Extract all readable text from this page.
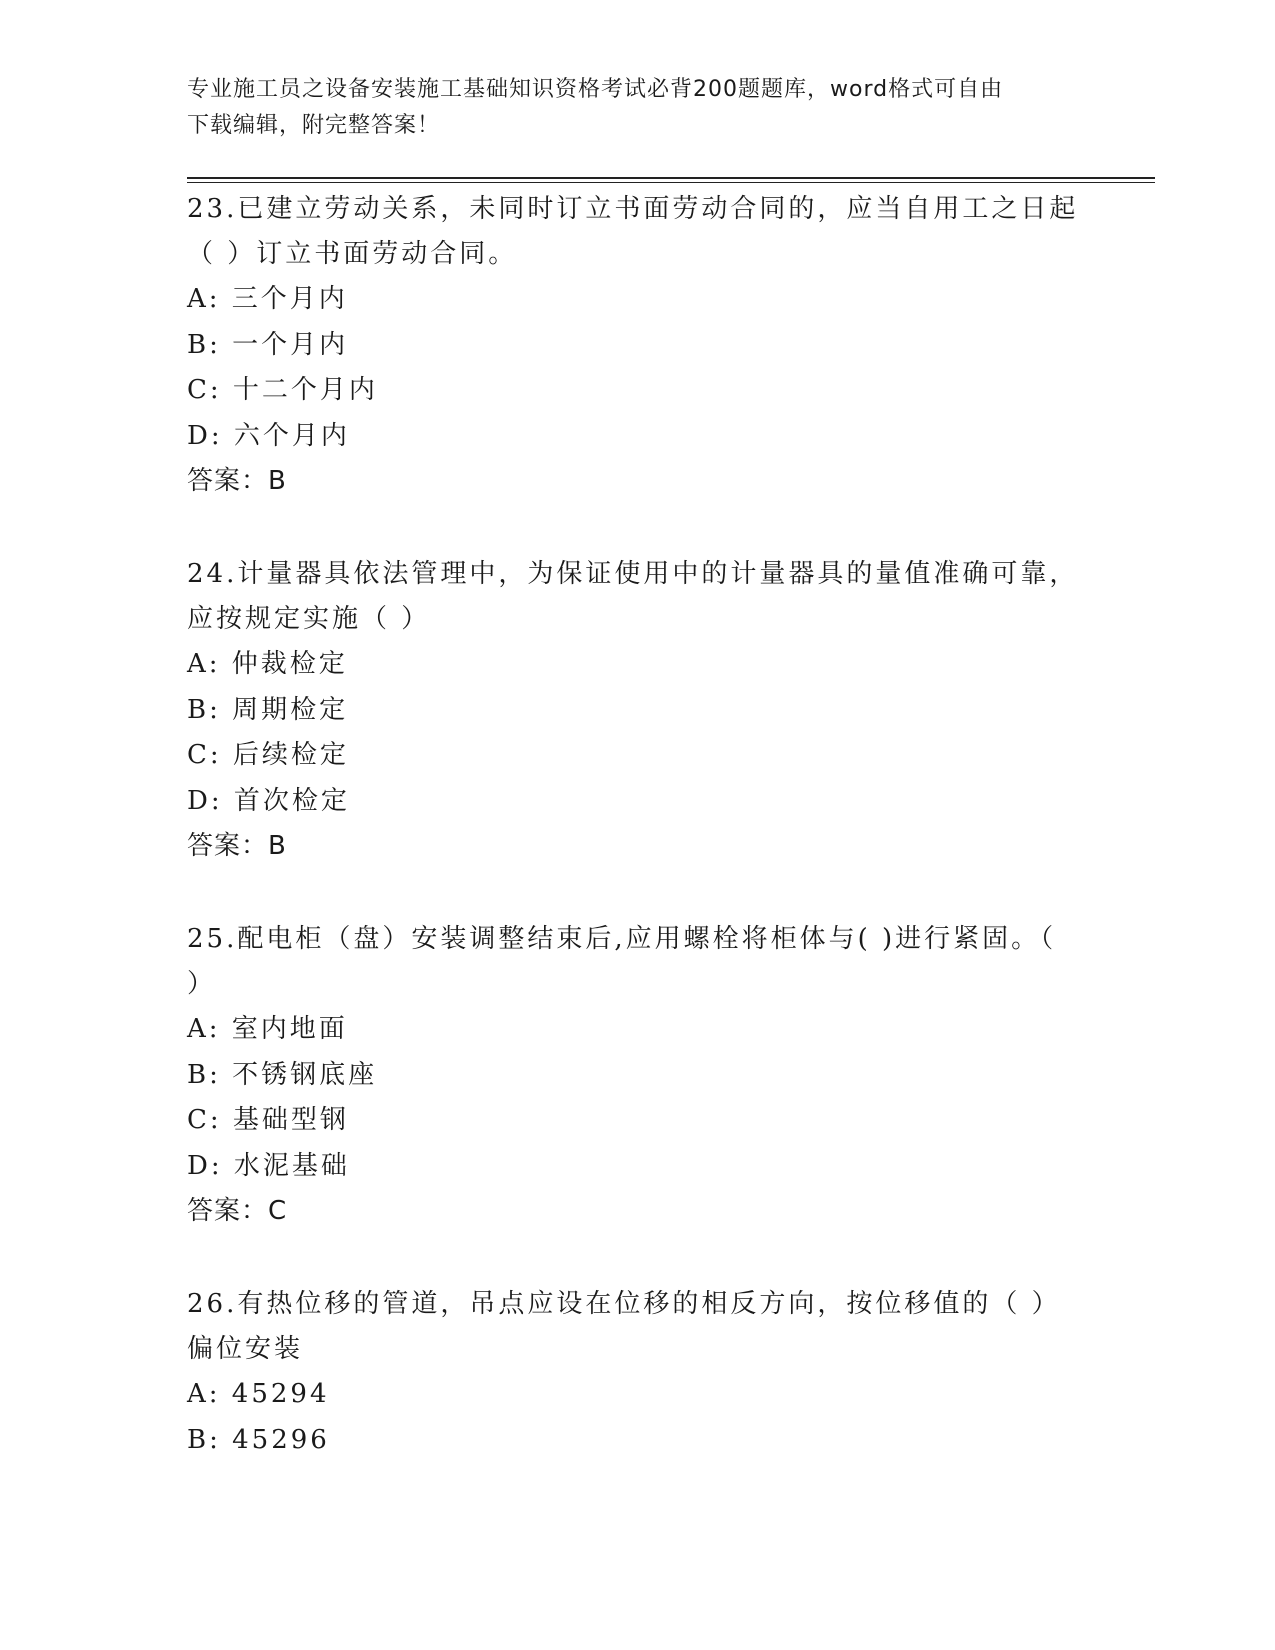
专业施工员之设备安装施工基础知识资格考试必背200题题库，word格式可自由
下载编辑，附完整答案！
23.已建立劳动关系，未同时订立书面劳动合同的，应当自用工之日起
（ ）订立书面劳动合同。
A: 三个月内
B: 一个月内
C: 十二个月内
D: 六个月内
答案：B
24.计量器具依法管理中，为保证使用中的计量器具的量值准确可靠，
应按规定实施（ ）
A: 仲裁检定
B: 周期检定
C: 后续检定
D: 首次检定
答案：B
25.配电柜（盘）安装调整结束后,应用螺栓将柜体与( )进行紧固。（
）
A: 室内地面
B: 不锈钢底座
C: 基础型钢
D: 水泥基础
答案：C
26.有热位移的管道，吊点应设在位移的相反方向，按位移值的（ ）
偏位安装
A: 45294
B: 45296
